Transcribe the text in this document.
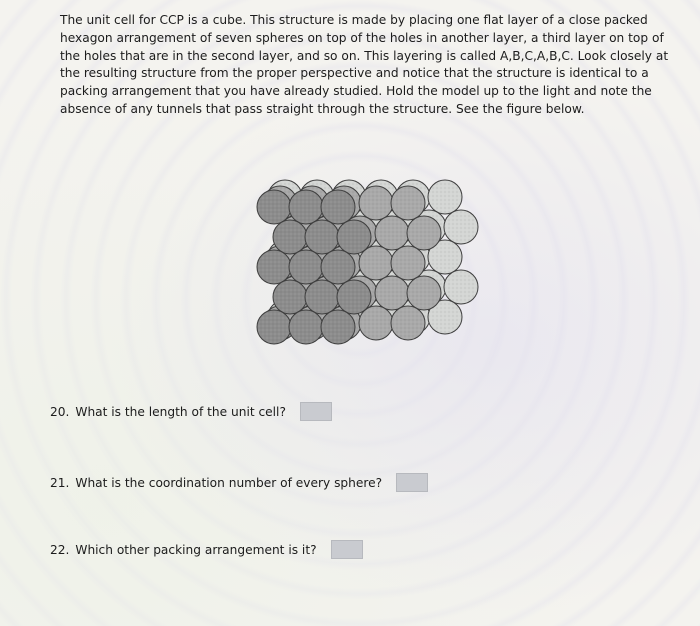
The unit cell for CCP is a cube. This structure is made by placing one flat layer of a close packed

hexagon arrangement of seven spheres on top of the holes in another layer, a third layer on top of

the holes that are in the second layer, and so on. This layering is called A,B,C,A,B,C. Look closely at

the resulting structure from the proper perspective and notice that the structure is identical to a

packing arrangement that you have already studied. Hold the model up to the light and note the

absence of any tunnels that pass straight through the structure. See the figure below.

20. What is the length of the unit cell?
21. What is the coordination number of every sphere?
22. Which other packing arrangement is it?
